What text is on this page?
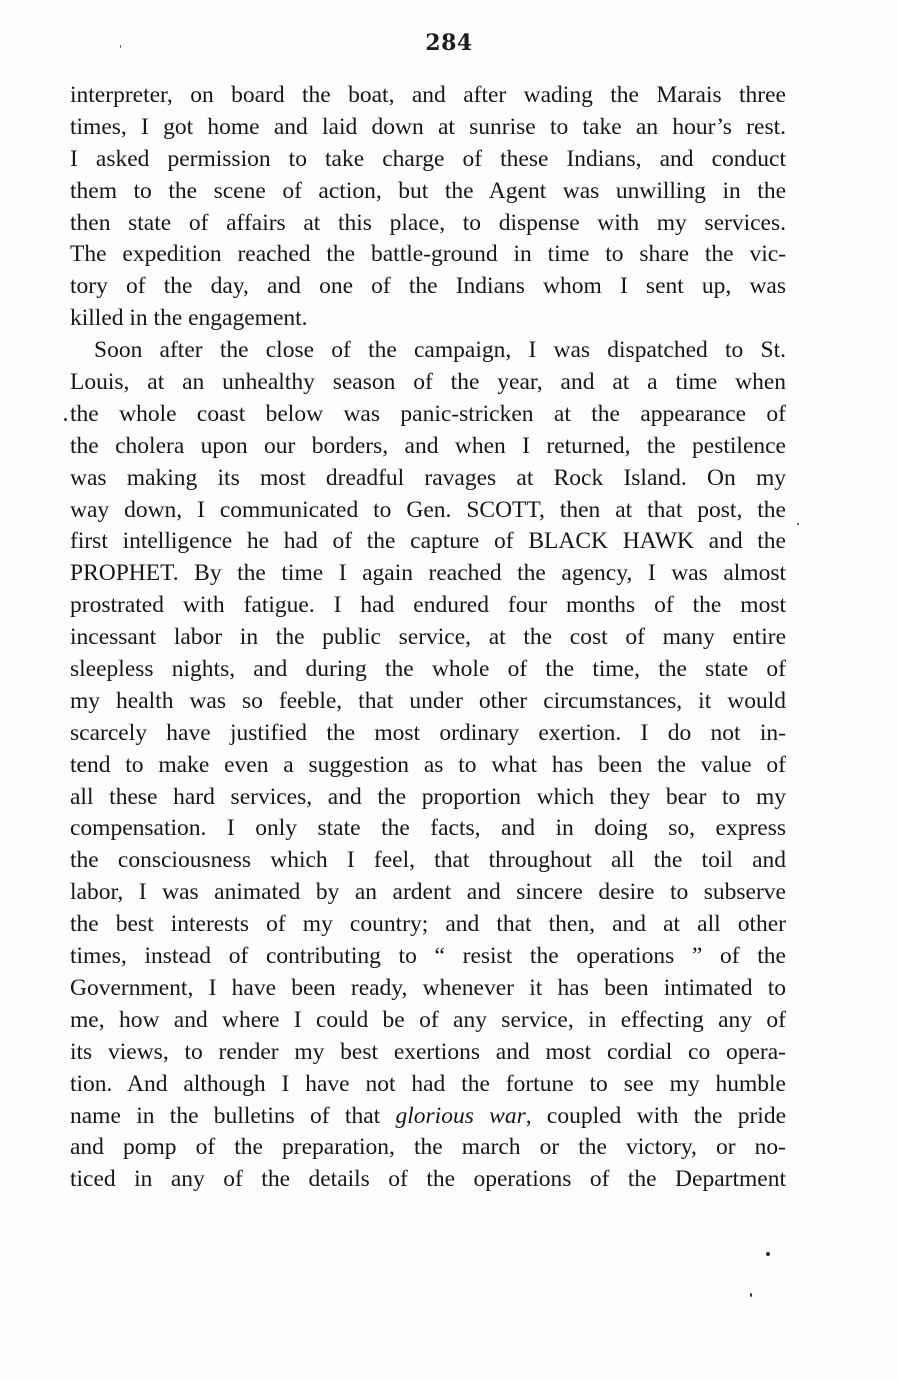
284
interpreter, on board the boat, and after wading the Marais three
times, I got home and laid down at sunrise to take an hour’s rest.
I asked permission to take charge of these Indians, and conduct
them to the scene of action, but the Agent was unwilling in the
then state of affairs at this place, to dispense with my services.
The expedition reached the battle-ground in time to share the vic-
tory of the day, and one of the Indians whom I sent up, was
killed in the engagement.
Soon after the close of the campaign, I was dispatched to St.
Louis, at an unhealthy season of the year, and at a time when
the whole coast below was panic-stricken at the appearance of
the cholera upon our borders, and when I returned, the pestilence
was making its most dreadful ravages at Rock Island. On my
way down, I communicated to Gen. SCOTT, then at that post, the
first intelligence he had of the capture of BLACK HAWK and the
PROPHET. By the time I again reached the agency, I was almost
prostrated with fatigue. I had endured four months of the most
incessant labor in the public service, at the cost of many entire
sleepless nights, and during the whole of the time, the state of
my health was so feeble, that under other circumstances, it would
scarcely have justified the most ordinary exertion. I do not in-
tend to make even a suggestion as to what has been the value of
all these hard services, and the proportion which they bear to my
compensation. I only state the facts, and in doing so, express
the consciousness which I feel, that throughout all the toil and
labor, I was animated by an ardent and sincere desire to subserve
the best interests of my country; and that then, and at all other
times, instead of contributing to “ resist the operations ” of the
Government, I have been ready, whenever it has been intimated to
me, how and where I could be of any service, in effecting any of
its views, to render my best exertions and most cordial co opera-
tion. And although I have not had the fortune to see my humble
name in the bulletins of that glorious war, coupled with the pride
and pomp of the preparation, the march or the victory, or no-
ticed in any of the details of the operations of the Department
